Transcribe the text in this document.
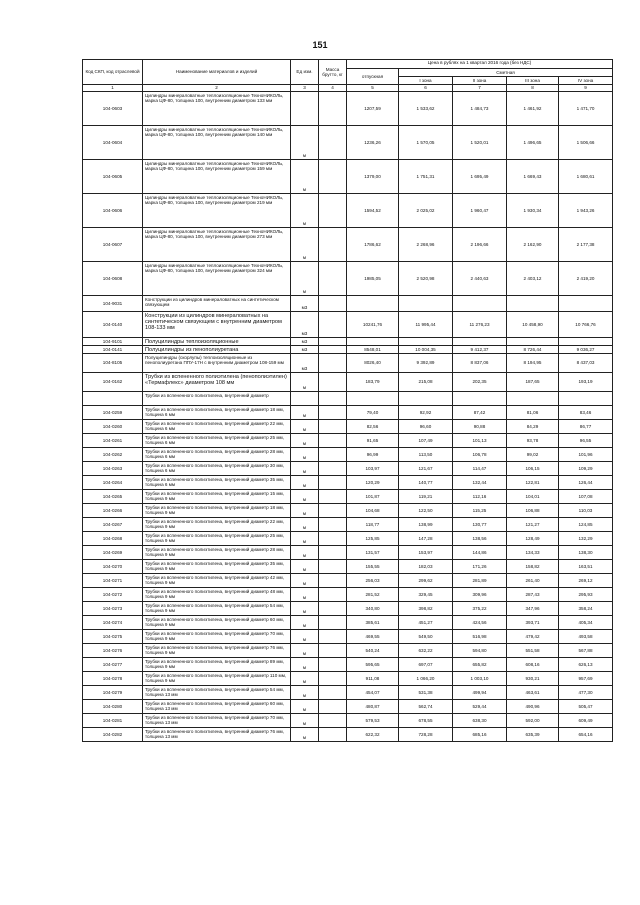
151
Код СКП, код отраслевой	Наименование материалов и изделий	Ед изм.	Масса брутто, кг	Цена в рублях на 1 квартал 2016 года (без НДС)				
				отпускная	Сметная			
					I зона	II зона	III зона	IV зона
1	2	3	4	5	6	7	8	9
104-0603	Цилиндры минераловатные теплоизоляционные ТехноНИКОЛЬ, марка ЦФ-80, толщина 100, внутренним диаметром 133 мм			1207,59	1 533,62	1 484,73	1 461,92	1 471,70
104-0604	Цилиндры минераловатные теплоизоляционные ТехноНИКОЛЬ, марка ЦФ-80, толщина 100, внутренним диаметром 140 мм	м		1236,26	1 570,05	1 520,01	1 496,65	1 506,66
104-0605	Цилиндры минераловатные теплоизоляционные ТехноНИКОЛЬ, марка ЦФ-80, толщина 100, внутренним диаметром 159 мм	м		1379,00	1 751,31	1 695,49	1 669,43	1 680,61
104-0606	Цилиндры минераловатные теплоизоляционные ТехноНИКОЛЬ, марка ЦФ-80, толщина 100, внутренним диаметром 219 мм	м		1594,52	2 025,02	1 960,47	1 930,34	1 943,26
104-0607	Цилиндры минераловатные теплоизоляционные ТехноНИКОЛЬ, марка ЦФ-80, толщина 100, внутренним диаметром 273 мм	м		1786,62	2 268,96	2 196,66	2 162,90	2 177,38
104-0608	Цилиндры минераловатные теплоизоляционные ТехноНИКОЛЬ, марка ЦФ-80, толщина 100, внутренним диаметром 324 мм	м		1985,05	2 520,98	2 440,63	2 403,12	2 419,20
104-9031	Конструкции из цилиндров минераловатных на синтетическом связующем	м3						
104-0140	Конструкции из цилиндров минераловатных на синтетическом связующем с внутренним диаметром 108-133 мм	м3		10241,76	11 995,44	11 276,23	10 458,90	10 766,76
104-9101	Полуцилиндры теплоизоляционные	м3						
104-0141	Полуцилиндры из пенополиуретана	м3		8548,01	10 004,35	9 412,37	8 726,44	9 036,27
104-8105	Полуцилиндры (скорлупы) теплоизоляционные из пенополиуретана ППУ-17Н с внутренним диаметром 108-159 мм	м3		8026,40	9 392,89	8 837,06	8 194,95	8 437,03
104-0162	Трубки из вспененного полиэтилена (пенополиэтилен) «Термафлекс» диаметром 108 мм	м		183,79	215,08	202,35	187,65	193,19
	Трубки из вспененного полиэтилена, внутренний диаметр							
104-0259	Трубки из вспененного полиэтилена, внутренний диаметр 18 мм, толщина 6 мм	м		79,40	92,92	87,42	81,06	83,46
104-0260	Трубки из вспененного полиэтилена, внутренний диаметр 22 мм, толщина 6 мм	м		82,56	96,60	90,88	84,29	86,77
104-0261	Трубки из вспененного полиэтилена, внутренний диаметр 25 мм, толщина 6 мм	м		91,65	107,49	101,13	93,78	96,55
104-0262	Трубки из вспененного полиэтилена, внутренний диаметр 28 мм, толщина 6 мм	м		96,99	113,50	106,78	99,02	101,96
104-0263	Трубки из вспененного полиэтилена, внутренний диаметр 30 мм, толщина 6 мм	м		103,97	121,67	114,47	106,15	109,29
104-0264	Трубки из вспененного полиэтилена, внутренний диаметр 35 мм, толщина 6 мм	м		120,29	140,77	132,44	122,81	126,44
104-0265	Трубки из вспененного полиэтилена, внутренний диаметр 15 мм, толщина 9 мм	м		101,87	119,21	112,16	104,01	107,08
104-0266	Трубки из вспененного полиэтилена, внутренний диаметр 18 мм, толщина 9 мм	м		104,68	122,50	115,25	106,88	110,03
104-0267	Трубки из вспененного полиэтилена, внутренний диаметр 22 мм, толщина 9 мм	м		118,77	138,99	130,77	121,27	124,85
104-0268	Трубки из вспененного полиэтилена, внутренний диаметр 25 мм, толщина 9 мм	м		125,85	147,28	138,56	128,49	132,29
104-0269	Трубки из вспененного полиэтилена, внутренний диаметр 28 мм, толщина 9 мм	м		131,57	153,97	144,86	134,33	138,30
104-0270	Трубки из вспененного полиэтилена, внутренний диаметр 35 мм, толщина 9 мм	м		155,55	182,03	171,26	158,82	163,51
104-0271	Трубки из вспененного полиэтилена, внутренний диаметр 42 мм, толщина 9 мм	м		256,03	299,62	281,89	261,40	269,12
104-0272	Трубки из вспененного полиэтилена, внутренний диаметр 48 мм, толщина 9 мм	м		281,52	329,45	309,96	287,43	295,93
104-0273	Трубки из вспененного полиэтилена, внутренний диаметр 54 мм, толщина 9 мм	м		340,80	398,82	375,22	347,96	358,24
104-0274	Трубки из вспененного полиэтилена, внутренний диаметр 60 мм, толщина 9 мм	м		385,61	451,27	424,56	393,71	405,34
104-0275	Трубки из вспененного полиэтилена, внутренний диаметр 70 мм, толщина 9 мм	м		469,55	549,50	516,98	479,42	493,58
104-0276	Трубки из вспененного полиэтилена, внутренний диаметр 76 мм, толщина 9 мм	м		540,24	632,22	594,80	551,58	567,88
104-0277	Трубки из вспененного полиэтилена, внутренний диаметр 89 мм, толщина 9 мм	м		595,65	697,07	655,82	608,16	626,13
104-0278	Трубки из вспененного полиэтилена, внутренний диаметр 110 мм, толщина 9 мм	м		911,08	1 066,20	1 003,10	930,21	957,69
104-0279	Трубки из вспененного полиэтилена, внутренний диаметр 54 мм, толщина 13 мм	м		454,07	531,38	499,94	463,61	477,30
104-0280	Трубки из вспененного полиэтилена, внутренний диаметр 60 мм, толщина 13 мм	м		480,87	562,74	529,44	490,96	505,47
104-0281	Трубки из вспененного полиэтилена, внутренний диаметр 70 мм, толщина 13 мм	м		579,53	678,55	638,30	592,00	609,49
104-0282	Трубки из вспененного полиэтилена, внутренний диаметр 76 мм, толщина 13 мм	м		622,32	728,28	685,16	635,39	654,16
